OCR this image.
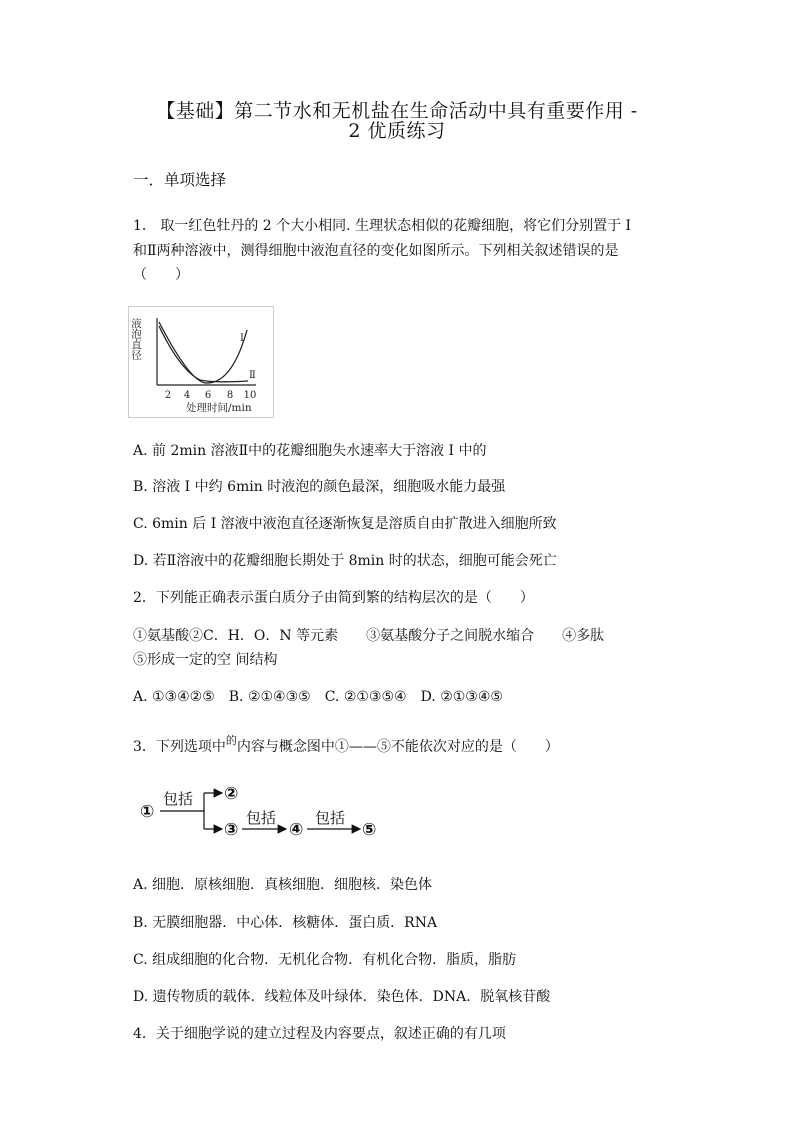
【基础】第二节水和无机盐在生命活动中具有重要作用 -
2 优质练习
一．单项选择
1． 取一红色牡丹的 2 个大小相同. 生理状态相似的花瓣细胞，将它们分别置于 I
和Ⅱ两种溶液中，测得细胞中液泡直径的变化如图所示。下列相关叙述错误的是
（　　）
液泡直径	I
Ⅱ
2 4 6 8 10
处理时间/min
A. 前 2min 溶液Ⅱ中的花瓣细胞失水速率大于溶液 I 中的
B. 溶液 I 中约 6min 时液泡的颜色最深，细胞吸水能力最强
C. 6min 后 I 溶液中液泡直径逐渐恢复是溶质自由扩散进入细胞所致
D. 若Ⅱ溶液中的花瓣细胞长期处于 8min 时的状态，细胞可能会死亡
2．下列能正确表示蛋白质分子由简到繁的结构层次的是（　　）
①氨基酸②C．H．O．N 等元素　　③氨基酸分子之间脱水缩合　　④多肽
⑤形成一定的空 间结构
A. ①③④②⑤　B. ②①④③⑤　C. ②①③⑤④　D. ②①③④⑤
3．下列选项中$^的$内容与概念图中①——⑤不能依次对应的是（　　）
①
②
③	④	⑤
包括
包括	包括
A. 细胞．原核细胞．真核细胞．细胞核．染色体
B. 无膜细胞器．中心体．核糖体．蛋白质．RNA
C. 组成细胞的化合物．无机化合物．有机化合物．脂质，脂肪
D. 遗传物质的载体．线粒体及叶绿体．染色体．DNA．脱氧核苷酸
4．关于细胞学说的建立过程及内容要点，叙述正确的有几项
